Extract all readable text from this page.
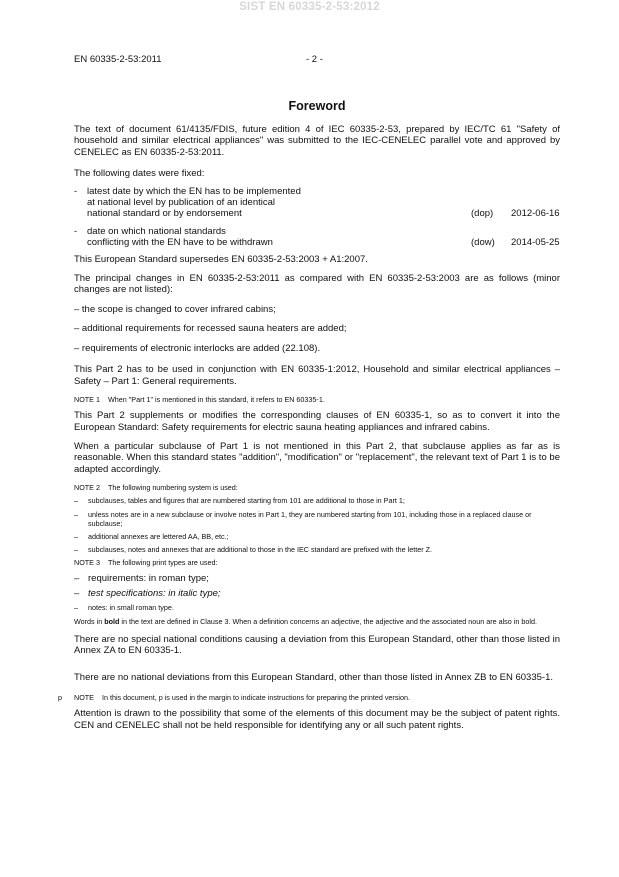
SIST EN 60335-2-53:2012
EN 60335-2-53:2011	- 2 -
Foreword

The text of document 61/4135/FDIS, future edition 4 of IEC 60335-2-53, prepared by IEC/TC 61 "Safety of household and similar electrical appliances" was submitted to the IEC-CENELEC parallel vote and approved by CENELEC as EN 60335-2-53:2011.

The following dates were fixed:

-	latest date by which the EN has to be implemented
at national level by publication of an identical
national standard or by endorsement	(dop)	2012-06-16
-	date on which national standards
conflicting with the EN have to be withdrawn	(dow)	2014-05-25

This European Standard supersedes EN 60335-2-53:2003 + A1:2007.

The principal changes in EN 60335-2-53:2011 as compared with EN 60335-2-53:2003 are as follows (minor changes are not listed):

– the scope is changed to cover infrared cabins;

– additional requirements for recessed sauna heaters are added;

– requirements of electronic interlocks are added (22.108).

This Part 2 has to be used in conjunction with EN 60335-1:2012, Household and similar electrical appliances – Safety – Part 1: General requirements.

NOTE 1 When "Part 1" is mentioned in this standard, it refers to EN 60335-1.

This Part 2 supplements or modifies the corresponding clauses of EN 60335-1, so as to convert it into the European Standard: Safety requirements for electric sauna heating appliances and infrared cabins.

When a particular subclause of Part 1 is not mentioned in this Part 2, that subclause applies as far as is reasonable. When this standard states "addition", "modification" or "replacement", the relevant text of Part 1 is to be adapted accordingly.

NOTE 2 The following numbering system is used:

–	subclauses, tables and figures that are numbered starting from 101 are additional to those in Part 1;
–	unless notes are in a new subclause or involve notes in Part 1, they are numbered starting from 101, including those in a replaced clause or subclause;
–	additional annexes are lettered AA, BB, etc.;
–	subclauses, notes and annexes that are additional to those in the IEC standard are prefixed with the letter Z.

NOTE 3 The following print types are used:

– requirements: in roman type;
– test specifications: in italic type;
–	notes: in small roman type.

Words in bold in the text are defined in Clause 3. When a definition concerns an adjective, the adjective and the associated noun are also in bold.

There are no special national conditions causing a deviation from this European Standard, other than those listed in Annex ZA to EN 60335-1.

There are no national deviations from this European Standard, other than those listed in Annex ZB to EN 60335-1.

p NOTE In this document, p is used in the margin to indicate instructions for preparing the printed version.

Attention is drawn to the possibility that some of the elements of this document may be the subject of patent rights. CEN and CENELEC shall not be held responsible for identifying any or all such patent rights.
